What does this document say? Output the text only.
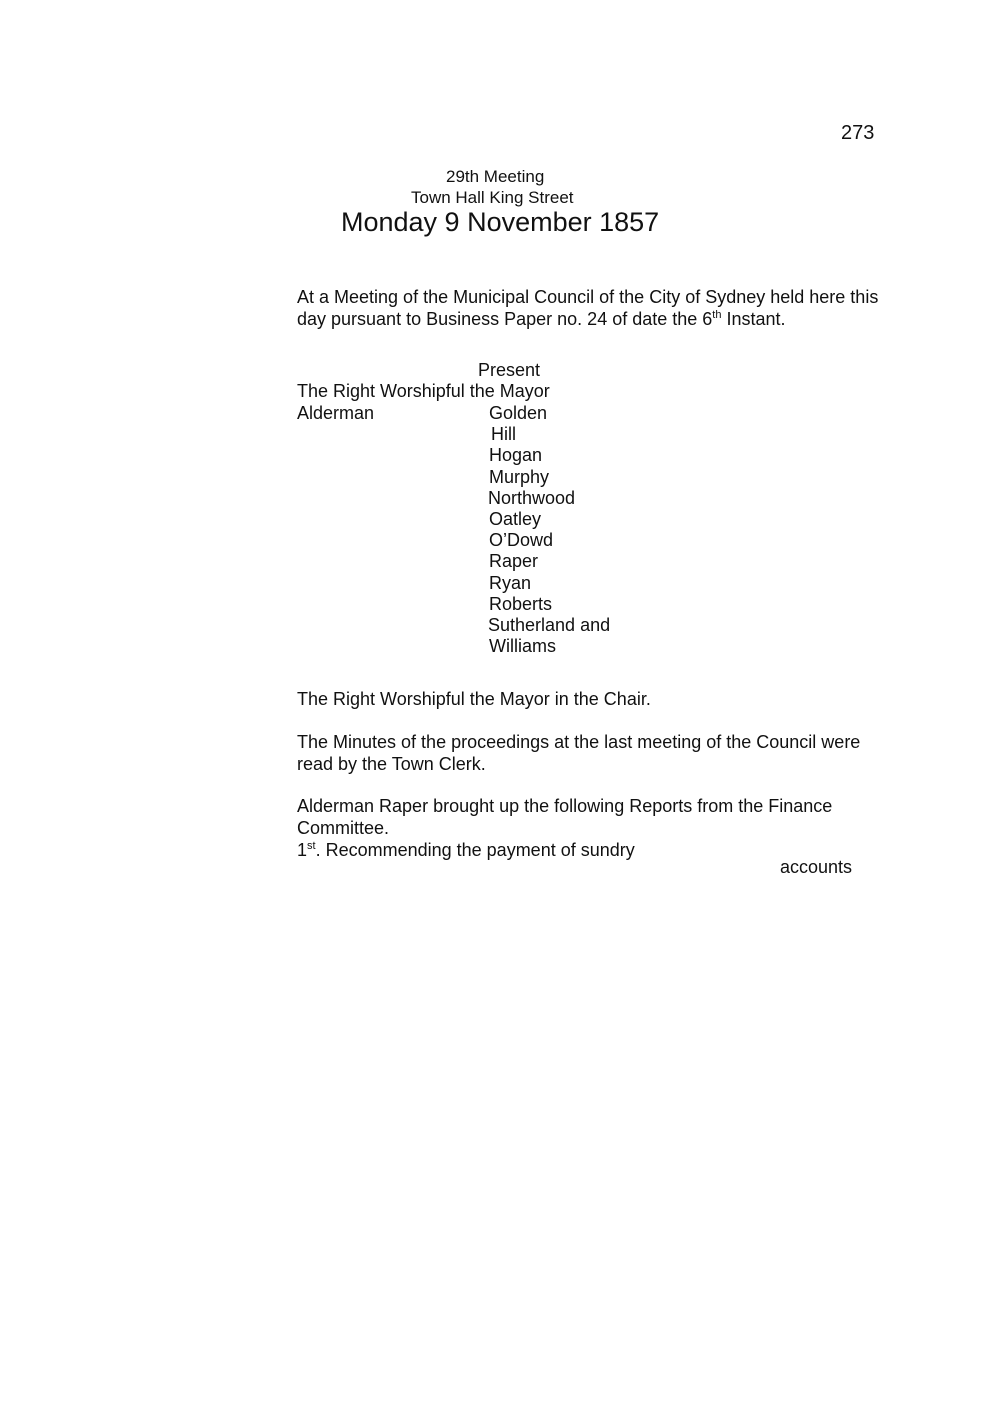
273
29th Meeting
Town Hall King Street
Monday 9 November 1857

At a Meeting of the Municipal Council of the City of Sydney held here this

day pursuant to Business Paper no. 24 of date the 6th Instant.

Present
The Right Worshipful the Mayor
Alderman	Golden
Hill
Hogan
Murphy
Northwood
Oatley
O’Dowd
Raper
Ryan
Roberts
Sutherland and
Williams

The Right Worshipful the Mayor in the Chair.

The Minutes of the proceedings at the last meeting of the Council were

read by the Town Clerk.

Alderman Raper brought up the following Reports from the Finance

Committee.

1st. Recommending the payment of sundry

accounts
